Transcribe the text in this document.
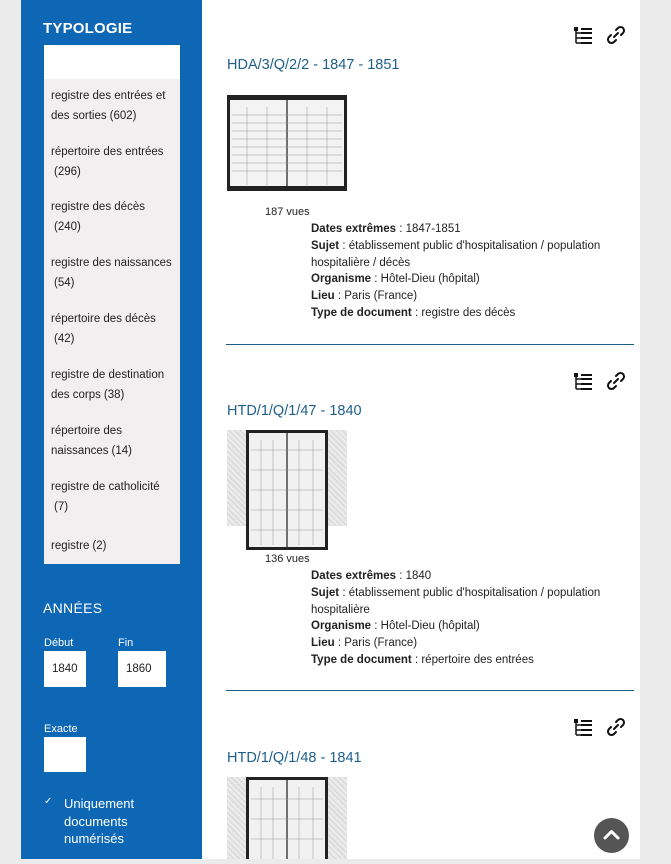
TYPOLOGIE
registre des entrées et des sorties (602)
répertoire des entrées
(296)
registre des décès
(240)
registre des naissances
(54)
répertoire des décès
(42)
registre de destination des corps (38)
répertoire des naissances (14)
registre de catholicité
(7)
registre (2)
ANNÉES
Début	Fin
1840	1860
Exacte
✓ Uniquement documents numérisés
HDA/3/Q/2/2 - 1847 - 1851
187 vues
Dates extrêmes : 1847-1851
Sujet : établissement public d'hospitalisation / population hospitalière / décès
Organisme : Hôtel-Dieu (hôpital)
Lieu : Paris (France)
Type de document : registre des décès
HTD/1/Q/1/47 - 1840
136 vues
Dates extrêmes : 1840
Sujet : établissement public d'hospitalisation / population hospitalière
Organisme : Hôtel-Dieu (hôpital)
Lieu : Paris (France)
Type de document : répertoire des entrées
HTD/1/Q/1/48 - 1841
